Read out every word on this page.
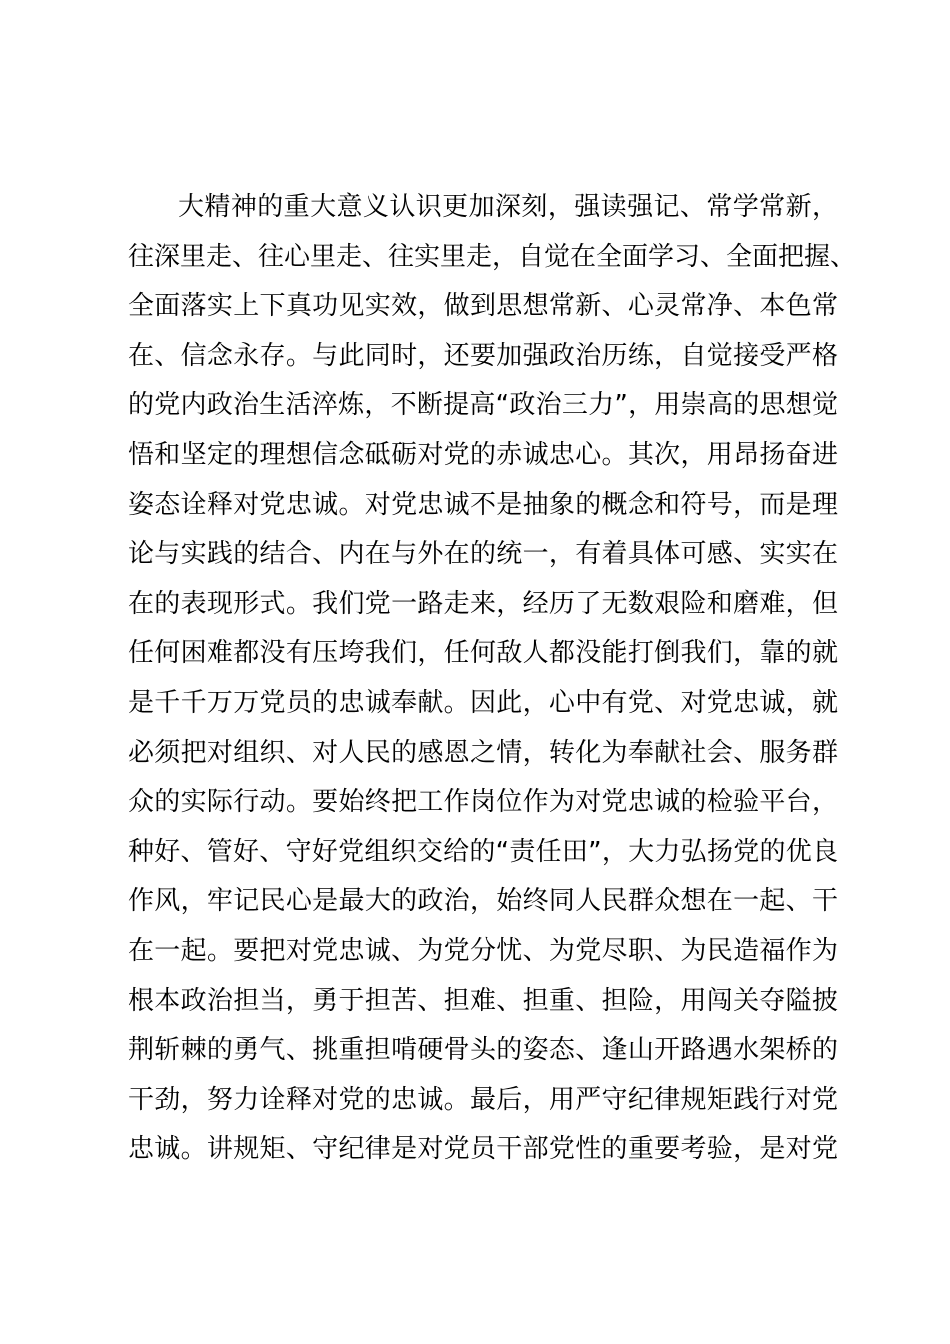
大精神的重大意义认识更加深刻，强读强记、常学常新，
往深里走、往心里走、往实里走，自觉在全面学习、全面把握、
全面落实上下真功见实效，做到思想常新、心灵常净、本色常
在、信念永存。与此同时，还要加强政治历练，自觉接受严格
的党内政治生活淬炼，不断提高“政治三力”，用崇高的思想觉
悟和坚定的理想信念砥砺对党的赤诚忠心。其次，用昂扬奋进
姿态诠释对党忠诚。对党忠诚不是抽象的概念和符号，而是理
论与实践的结合、内在与外在的统一，有着具体可感、实实在
在的表现形式。我们党一路走来，经历了无数艰险和磨难，但
任何困难都没有压垮我们，任何敌人都没能打倒我们，靠的就
是千千万万党员的忠诚奉献。因此，心中有党、对党忠诚，就
必须把对组织、对人民的感恩之情，转化为奉献社会、服务群
众的实际行动。要始终把工作岗位作为对党忠诚的检验平台，
种好、管好、守好党组织交给的“责任田”，大力弘扬党的优良
作风，牢记民心是最大的政治，始终同人民群众想在一起、干
在一起。要把对党忠诚、为党分忧、为党尽职、为民造福作为
根本政治担当，勇于担苦、担难、担重、担险，用闯关夺隘披
荆斩棘的勇气、挑重担啃硬骨头的姿态、逢山开路遇水架桥的
干劲，努力诠释对党的忠诚。最后，用严守纪律规矩践行对党
忠诚。讲规矩、守纪律是对党员干部党性的重要考验，是对党
